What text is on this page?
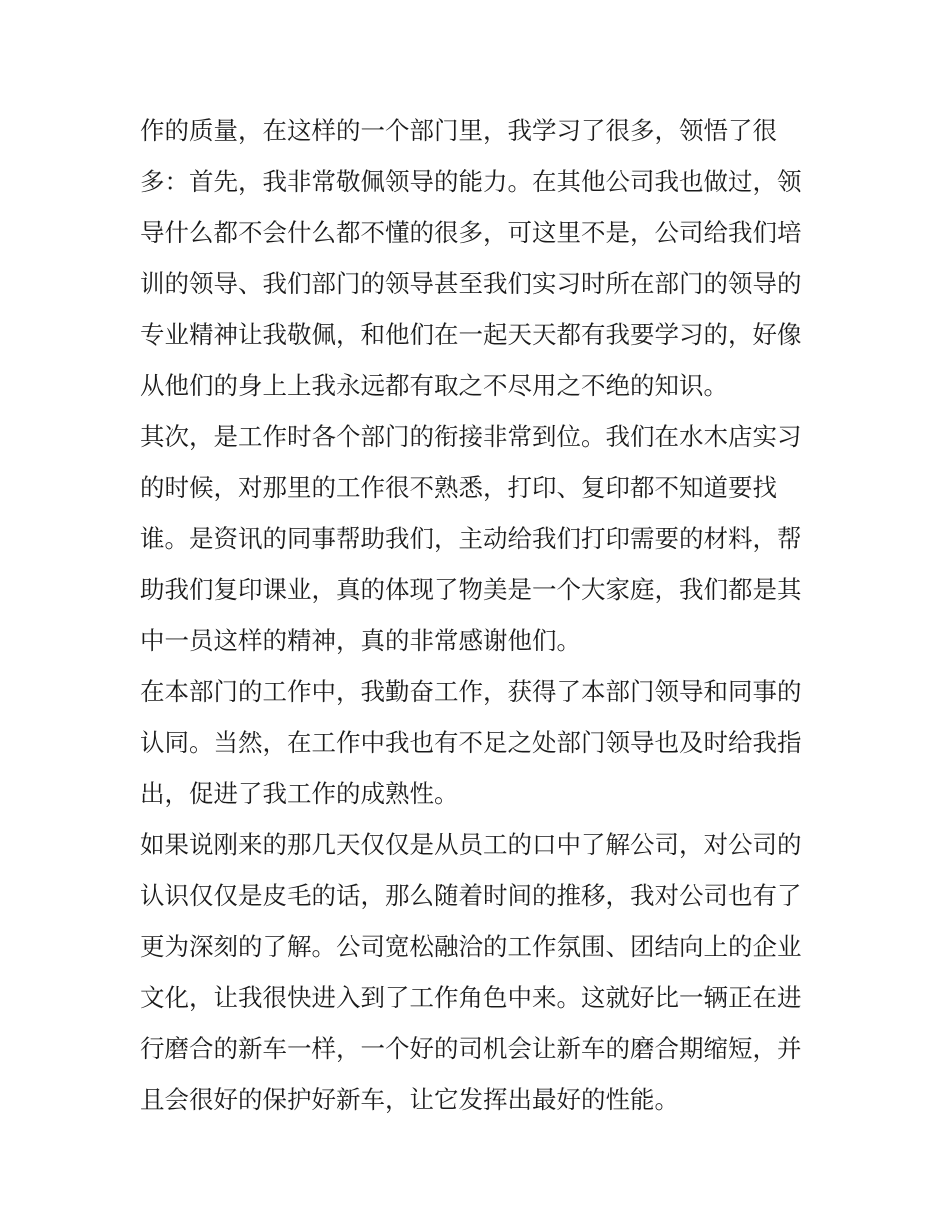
作的质量，在这样的一个部门里，我学习了很多，领悟了很
多：首先，我非常敬佩领导的能力。在其他公司我也做过，领
导什么都不会什么都不懂的很多，可这里不是，公司给我们培
训的领导、我们部门的领导甚至我们实习时所在部门的领导的
专业精神让我敬佩，和他们在一起天天都有我要学习的，好像
从他们的身上上我永远都有取之不尽用之不绝的知识。
其次，是工作时各个部门的衔接非常到位。我们在水木店实习
的时候，对那里的工作很不熟悉，打印、复印都不知道要找
谁。是资讯的同事帮助我们，主动给我们打印需要的材料，帮
助我们复印课业，真的体现了物美是一个大家庭，我们都是其
中一员这样的精神，真的非常感谢他们。
在本部门的工作中，我勤奋工作，获得了本部门领导和同事的
认同。当然，在工作中我也有不足之处部门领导也及时给我指
出，促进了我工作的成熟性。
如果说刚来的那几天仅仅是从员工的口中了解公司，对公司的
认识仅仅是皮毛的话，那么随着时间的推移，我对公司也有了
更为深刻的了解。公司宽松融洽的工作氛围、团结向上的企业
文化，让我很快进入到了工作角色中来。这就好比一辆正在进
行磨合的新车一样，一个好的司机会让新车的磨合期缩短，并
且会很好的保护好新车，让它发挥出最好的性能。
